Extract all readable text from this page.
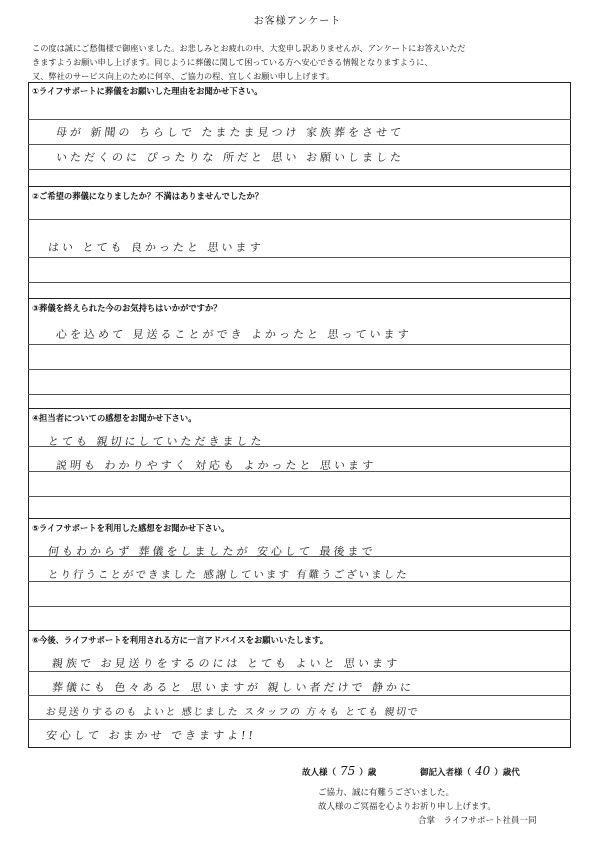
お客様アンケート
この度は誠にご愁傷様で御座いました。お悲しみとお疲れの中、大変申し訳ありませんが、アンケートにお答えいただ
きますようお願い申し上げます。同じように葬儀に関して困っている方へ安心できる情報となりますように、
又、弊社のサービス向上のために何卒、ご協力の程、宜しくお願い申し上げます。
①ライフサポートに葬儀をお願いした理由をお聞かせ下さい。
母が 新聞の ちらしで たまたま見つけ 家族葬をさせて
いただくのに ぴったりな 所だと 思い お願いしました
②ご希望の葬儀になりましたか？不満はありませんでしたか？
はい とても 良かったと 思います
③葬儀を終えられた今のお気持ちはいかがですか？
心を込めて 見送ることができ よかったと 思っています
④担当者についての感想をお聞かせ下さい。
とても 親切にしていただきました
説明も わかりやすく 対応も よかったと 思います
⑤ライフサポートを利用した感想をお聞かせ下さい。
何もわからず 葬儀をしましたが 安心して 最後まで
とり行うことができました 感謝しています 有難うございました
⑥今後、ライフサポートを利用される方に一言アドバイスをお願いいたします。
親族で お見送りをするのには とても よいと 思います
葬儀にも 色々あると 思いますが 親しい者だけで 静かに
お見送りするのも よいと 感じました スタッフの 方々も とても 親切で
安心して おまかせ できますよ!!
故人様（ 75 ）歳	御記入者様（ 40 ）歳代
ご協力、誠に有難うございました。
故人様のご冥福を心よりお祈り申し上げます。
合掌　ライフサポート社員一同
